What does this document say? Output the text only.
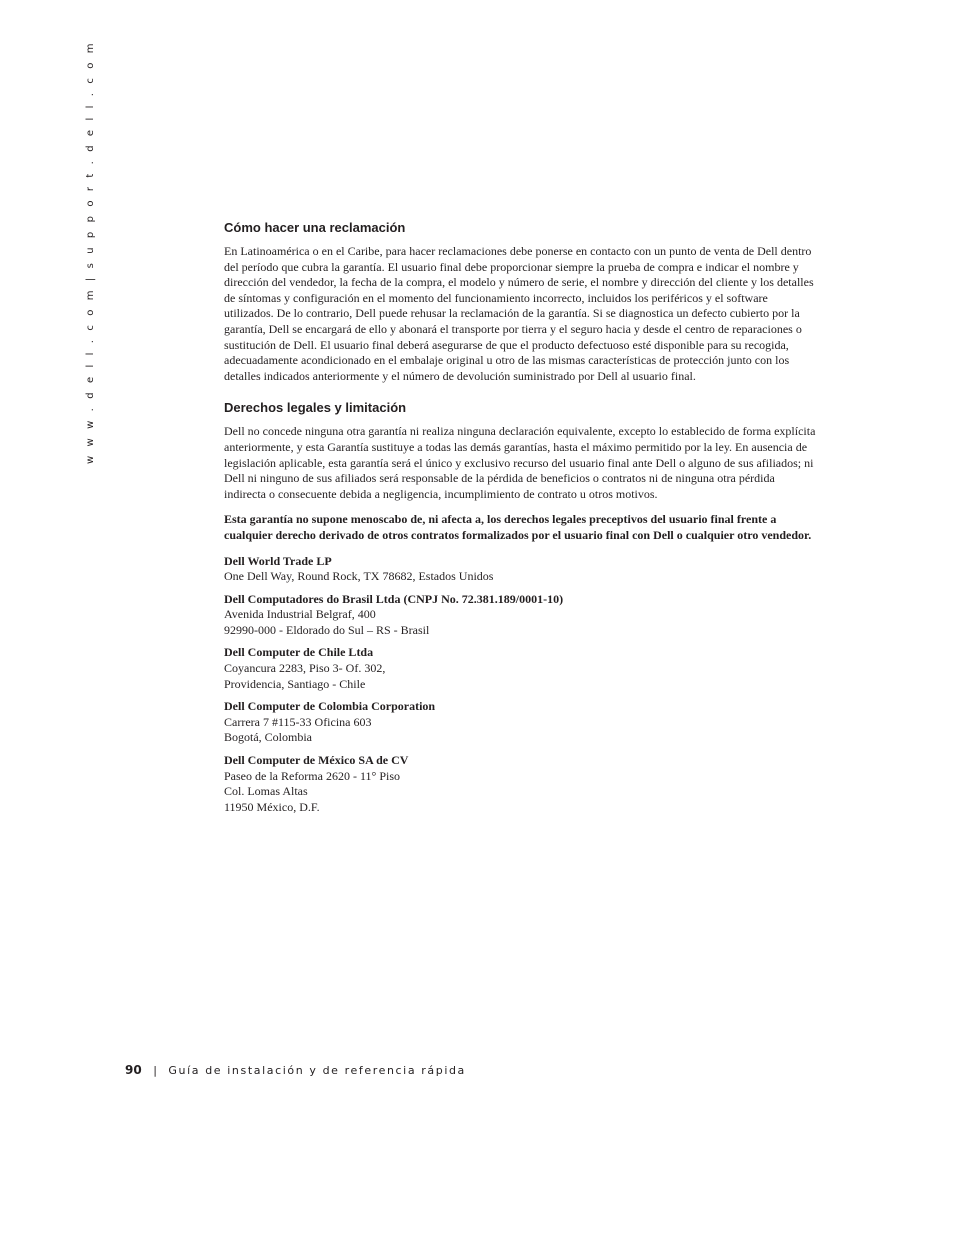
w w w . d e l l . c o m | s u p p o r t . d e l l . c o m	Cómo hacer una reclamación

En Latinoamérica o en el Caribe, para hacer reclamaciones debe ponerse en contacto con un punto de venta de Dell dentro del período que cubra la garantía. El usuario final debe proporcionar siempre la prueba de compra e indicar el nombre y dirección del vendedor, la fecha de la compra, el modelo y número de serie, el nombre y dirección del cliente y los detalles de síntomas y configuración en el momento del funcionamiento incorrecto, incluidos los periféricos y el software utilizados. De lo contrario, Dell puede rehusar la reclamación de la garantía. Si se diagnostica un defecto cubierto por la garantía, Dell se encargará de ello y abonará el transporte por tierra y el seguro hacia y desde el centro de reparaciones o sustitución de Dell. El usuario final deberá asegurarse de que el producto defectuoso esté disponible para su recogida, adecuadamente acondicionado en el embalaje original u otro de las mismas características de protección junto con los detalles indicados anteriormente y el número de devolución suministrado por Dell al usuario final.

Derechos legales y limitación

Dell no concede ninguna otra garantía ni realiza ninguna declaración equivalente, excepto lo establecido de forma explícita anteriormente, y esta Garantía sustituye a todas las demás garantías, hasta el máximo permitido por la ley. En ausencia de legislación aplicable, esta garantía será el único y exclusivo recurso del usuario final ante Dell o alguno de sus afiliados; ni Dell ni ninguno de sus afiliados será responsable de la pérdida de beneficios o contratos ni de ninguna otra pérdida indirecta o consecuente debida a negligencia, incumplimiento de contrato u otros motivos.

Esta garantía no supone menoscabo de, ni afecta a, los derechos legales preceptivos del usuario final frente a cualquier derecho derivado de otros contratos formalizados por el usuario final con Dell o cualquier otro vendedor.

Dell World Trade LP
One Dell Way, Round Rock, TX 78682, Estados Unidos
Dell Computadores do Brasil Ltda (CNPJ No. 72.381.189/0001-10)
Avenida Industrial Belgraf, 400
92990-000 - Eldorado do Sul – RS - Brasil
Dell Computer de Chile Ltda
Coyancura 2283, Piso 3- Of. 302,
Providencia, Santiago - Chile
Dell Computer de Colombia Corporation
Carrera 7 #115-33 Oficina 603
Bogotá, Colombia
Dell Computer de México SA de CV
Paseo de la Reforma 2620 - 11° Piso
Col. Lomas Altas
11950 México, D.F.
90 | Guía de instalación y de referencia rápida
